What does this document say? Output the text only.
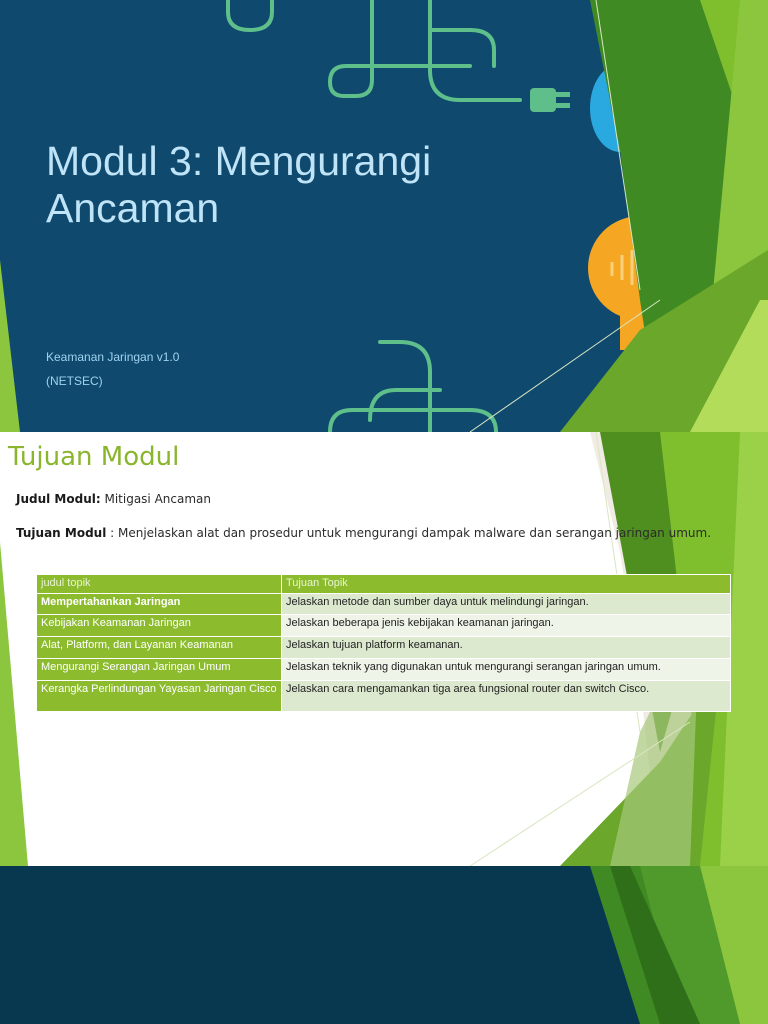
Modul 3: Mengurangi
Ancaman
Keamanan Jaringan v1.0
(NETSEC)
Tujuan Modul
Judul Modul: Mitigasi Ancaman
Tujuan Modul : Menjelaskan alat dan prosedur untuk mengurangi dampak malware dan serangan jaringan umum.
judul topik	Tujuan Topik
Mempertahankan Jaringan	Jelaskan metode dan sumber daya untuk melindungi jaringan.
Kebijakan Keamanan Jaringan	Jelaskan beberapa jenis kebijakan keamanan jaringan.
Alat, Platform, dan Layanan Keamanan	Jelaskan tujuan platform keamanan.
Mengurangi Serangan Jaringan Umum	Jelaskan teknik yang digunakan untuk mengurangi serangan jaringan umum.
Kerangka Perlindungan Yayasan Jaringan Cisco	Jelaskan cara mengamankan tiga area fungsional router dan switch Cisco.
